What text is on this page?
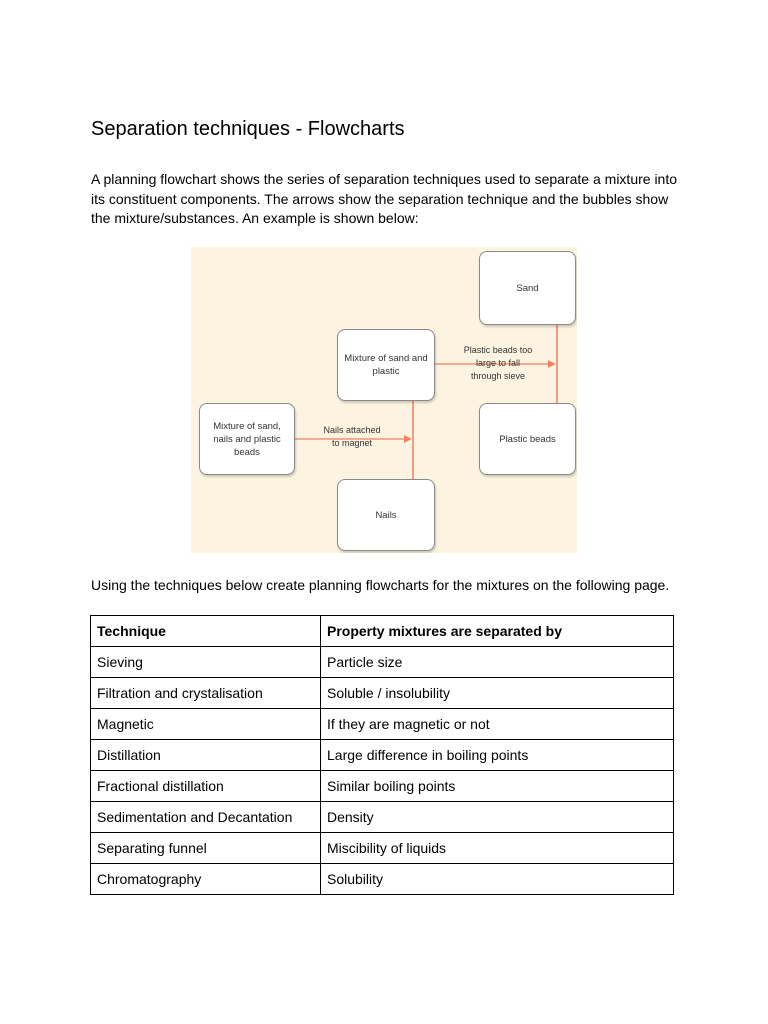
Separation techniques - Flowcharts

A planning flowchart shows the series of separation techniques used to separate a mixture into its constituent components. The arrows show the separation technique and the bubbles show the mixture/substances. An example is shown below:

Mixture of sand, nails and plastic beads
Mixture of sand and plastic
Nails
Sand
Plastic beads
Nails attached to magnet
Plastic beads too large to fall through sieve

Using the techniques below create planning flowcharts for the mixtures on the following page.

Technique	Property mixtures are separated by
Sieving	Particle size
Filtration and crystalisation	Soluble / insolubility
Magnetic	If they are magnetic or not
Distillation	Large difference in boiling points
Fractional distillation	Similar boiling points
Sedimentation and Decantation	Density
Separating funnel	Miscibility of liquids
Chromatography	Solubility
